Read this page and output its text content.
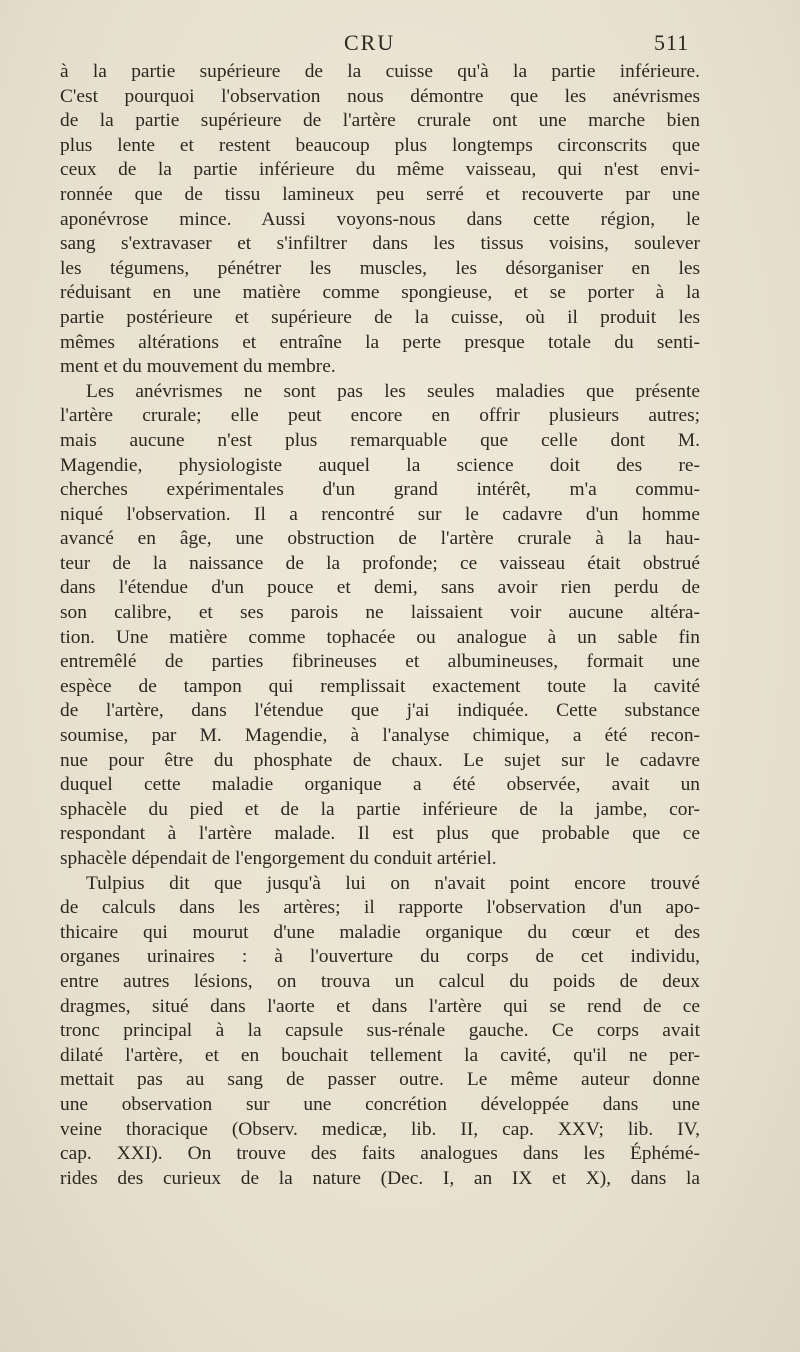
CRU	511

à la partie supérieure de la cuisse qu'à la partie inférieure.
C'est pourquoi l'observation nous démontre que les anévrismes
de la partie supérieure de l'artère crurale ont une marche bien
plus lente et restent beaucoup plus longtemps circonscrits que
ceux de la partie inférieure du même vaisseau, qui n'est envi-
ronnée que de tissu lamineux peu serré et recouverte par une
aponévrose mince. Aussi voyons-nous dans cette région, le
sang s'extravaser et s'infiltrer dans les tissus voisins, soulever
les tégumens, pénétrer les muscles, les désorganiser en les
réduisant en une matière comme spongieuse, et se porter à la
partie postérieure et supérieure de la cuisse, où il produit les
mêmes altérations et entraîne la perte presque totale du senti-
ment et du mouvement du membre.

Les anévrismes ne sont pas les seules maladies que présente
l'artère crurale; elle peut encore en offrir plusieurs autres;
mais aucune n'est plus remarquable que celle dont M.
Magendie, physiologiste auquel la science doit des re-
cherches expérimentales d'un grand intérêt, m'a commu-
niqué l'observation. Il a rencontré sur le cadavre d'un homme
avancé en âge, une obstruction de l'artère crurale à la hau-
teur de la naissance de la profonde; ce vaisseau était obstrué
dans l'étendue d'un pouce et demi, sans avoir rien perdu de
son calibre, et ses parois ne laissaient voir aucune altéra-
tion. Une matière comme tophacée ou analogue à un sable fin
entremêlé de parties fibrineuses et albumineuses, formait une
espèce de tampon qui remplissait exactement toute la cavité
de l'artère, dans l'étendue que j'ai indiquée. Cette substance
soumise, par M. Magendie, à l'analyse chimique, a été recon-
nue pour être du phosphate de chaux. Le sujet sur le cadavre
duquel cette maladie organique a été observée, avait un
sphacèle du pied et de la partie inférieure de la jambe, cor-
respondant à l'artère malade. Il est plus que probable que ce
sphacèle dépendait de l'engorgement du conduit artériel.

Tulpius dit que jusqu'à lui on n'avait point encore trouvé
de calculs dans les artères; il rapporte l'observation d'un apo-
thicaire qui mourut d'une maladie organique du cœur et des
organes urinaires : à l'ouverture du corps de cet individu,
entre autres lésions, on trouva un calcul du poids de deux
dragmes, situé dans l'aorte et dans l'artère qui se rend de ce
tronc principal à la capsule sus-rénale gauche. Ce corps avait
dilaté l'artère, et en bouchait tellement la cavité, qu'il ne per-
mettait pas au sang de passer outre. Le même auteur donne
une observation sur une concrétion développée dans une
veine thoracique (Observ. medicæ, lib. II, cap. XXV; lib. IV,
cap. XXI). On trouve des faits analogues dans les Éphémé-
rides des curieux de la nature (Dec. I, an IX et X), dans la
